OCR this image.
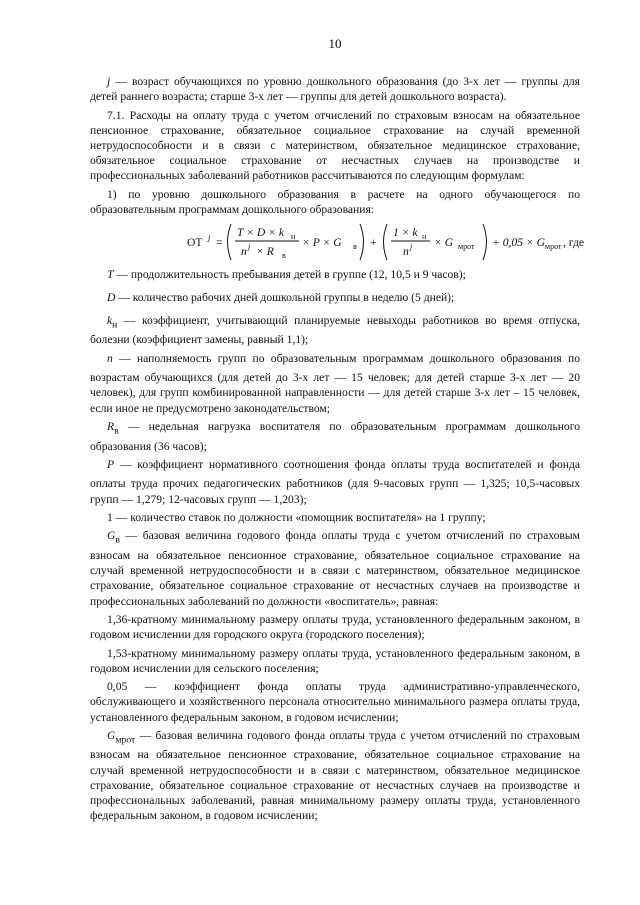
10

j — возраст обучающихся по уровню дошкольного образования (до 3-х лет — группы для детей раннего возраста; старше 3-х лет — группы для детей дошкольного возраста).

7.1. Расходы на оплату труда с учетом отчислений по страховым взносам на обязательное пенсионное страхование, обязательное социальное страхование на случай временной нетрудоспособности и в связи с материнством, обязательное медицинское страхование, обязательное социальное страхование от несчастных случаев на производстве и профессиональных заболеваний работников рассчитываются по следующим формулам:

1) по уровню дошкольного образования в расчете на одного обучающегося по образовательным программам дошкольного образования:

ОТ j =
T × D × k н
n j × R в
× P × G в +
1 × k н
n j × G мрот + 0,05 × G мрот , где

T — продолжительность пребывания детей в группе (12, 10,5 и 9 часов);

D — количество рабочих дней дошкольной группы в неделю (5 дней);

$k_н$ — коэффициент, учитывающий планируемые невыходы работников во время отпуска, болезни (коэффициент замены, равный 1,1);

n — наполняемость групп по образовательным программам дошкольного образования по возрастам обучающихся (для детей до 3-х лет — 15 человек; для детей старше 3-х лет — 20 человек), для групп комбинированной направленности — для детей старше 3-х лет – 15 человек, если иное не предусмотрено законодательством;

$R_в$ — недельная нагрузка воспитателя по образовательным программам дошкольного образования (36 часов);

P — коэффициент нормативного соотношения фонда оплаты труда воспитателей и фонда оплаты труда прочих педагогических работников (для 9-часовых групп — 1,325; 10,5-часовых групп — 1,279; 12-часовых групп — 1,203);

1 — количество ставок по должности «помощник воспитателя» на 1 группу;

$G_в$ — базовая величина годового фонда оплаты труда с учетом отчислений по страховым взносам на обязательное пенсионное страхование, обязательное социальное страхование на случай временной нетрудоспособности и в связи с материнством, обязательное медицинское страхование, обязательное социальное страхование от несчастных случаев на производстве и профессиональных заболеваний по должности «воспитатель», равная:

1,36-кратному минимальному размеру оплаты труда, установленного федеральным законом, в годовом исчислении для городского округа (городского поселения);

1,53-кратному минимальному размеру оплаты труда, установленного федеральным законом, в годовом исчислении для сельского поселения;

0,05 — коэффициент фонда оплаты труда административно-управленческого, обслуживающего и хозяйственного персонала относительно минимального размера оплаты труда, установленного федеральным законом, в годовом исчислении;

$G_{мрот}$ — базовая величина годового фонда оплаты труда с учетом отчислений по страховым взносам на обязательное пенсионное страхование, обязательное социальное страхование на случай временной нетрудоспособности и в связи с материнством, обязательное медицинское страхование, обязательное социальное страхование от несчастных случаев на производстве и профессиональных заболеваний, равная минимальному размеру оплаты труда, установленного федеральным законом, в годовом исчислении;
